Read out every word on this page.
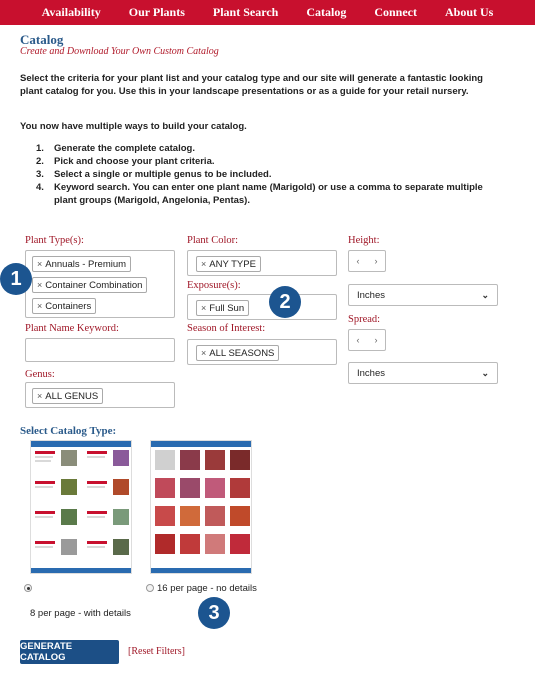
Availability Our Plants Plant Search Catalog Connect About Us
Catalog
Create and Download Your Own Custom Catalog
Select the criteria for your plant list and your catalog type and our site will generate a fantastic looking plant catalog for you. Use this in your landscape presentations or as a guide for your retail nursery.
You now have multiple ways to build your catalog.
1.	Generate the complete catalog.
2.	Pick and choose your plant criteria.
3.	Select a single or multiple genus to be included.
4.	Keyword search. You can enter one plant name (Marigold) or use a comma to separate multiple plant groups (Marigold, Angelonia, Pentas).
Plant Type(s):
× Annuals - Premium
× Container Combination
× Containers
1
Plant Name Keyword:
Genus:
× ALL GENUS
Plant Color:
× ANY TYPE
Exposure(s):
× Full Sun	2
Season of Interest:
× ALL SEASONS
Height:
‹ ›
Inches	⌄
Spread:
‹ ›
Inches	⌄
Select Catalog Type:
8 per page - with details
16 per page - no details
3
GENERATE CATALOG
[Reset Filters]
